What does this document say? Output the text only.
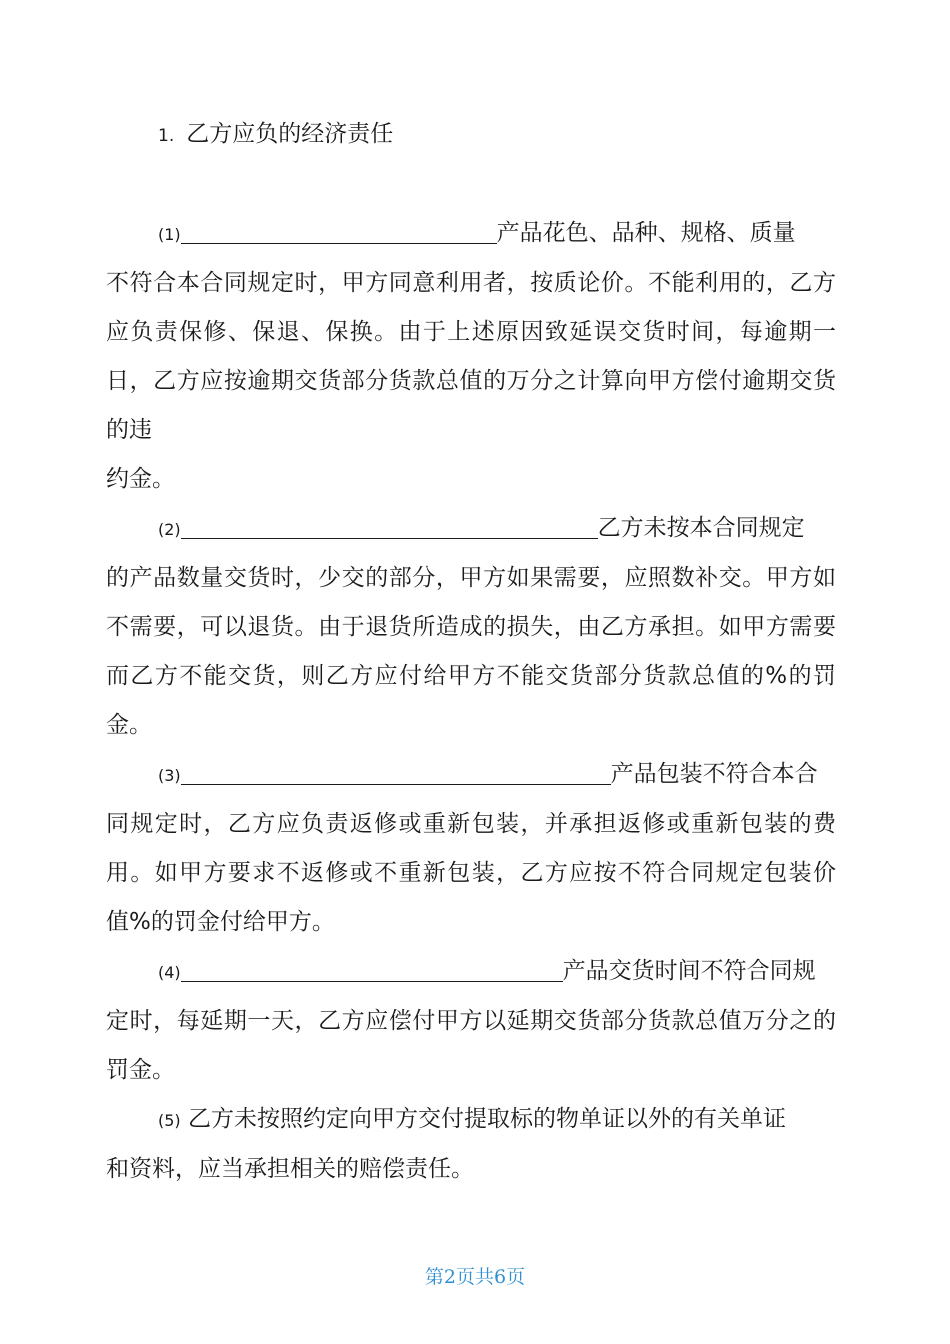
1. 乙方应负的经济责任
(1)	产品花色、品种、规格、质量
不符合本合同规定时，甲方同意利用者，按质论价。不能利用的，乙方应负责保修、保退、保换。由于上述原因致延误交货时间，每逾期一日，乙方应按逾期交货部分货款总值的万分之计算向甲方偿付逾期交货的违
约金。
(2)	乙方未按本合同规定
的产品数量交货时，少交的部分，甲方如果需要，应照数补交。甲方如不需要，可以退货。由于退货所造成的损失，由乙方承担。如甲方需要而乙方不能交货，则乙方应付给甲方不能交货部分货款总值的%的罚金。
(3)	产品包装不符合本合
同规定时，乙方应负责返修或重新包装，并承担返修或重新包装的费用。如甲方要求不返修或不重新包装，乙方应按不符合同规定包装价值%的罚金付给甲方。
(4)	产品交货时间不符合同规
定时，每延期一天，乙方应偿付甲方以延期交货部分货款总值万分之的罚金。
(5) 乙方未按照约定向甲方交付提取标的物单证以外的有关单证
和资料，应当承担相关的赔偿责任。
第2页共6页
